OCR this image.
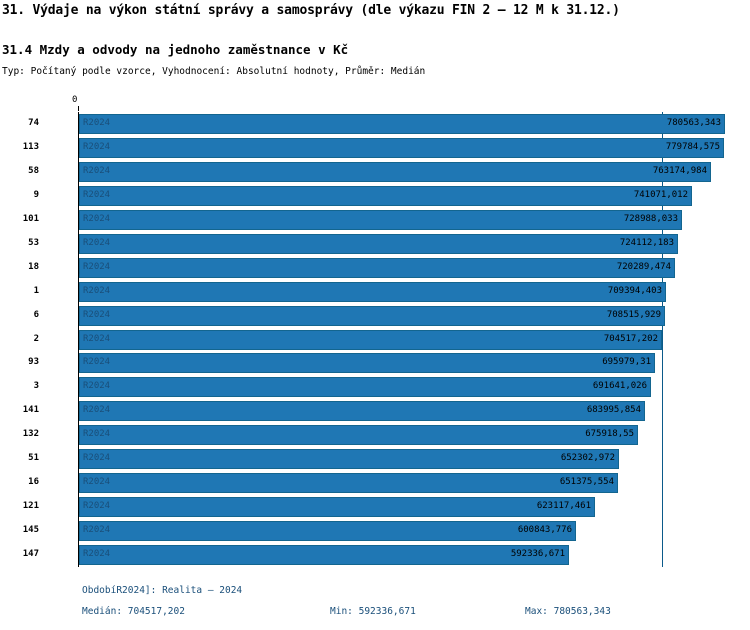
31. Výdaje na výkon státní správy a samosprávy (dle výkazu FIN 2 – 12 M k 31.12.)
31.4 Mzdy a odvody na jednoho zaměstnance v Kč
Typ: Počítaný podle vzorce, Vyhodnocení: Absolutní hodnoty, Průměr: Medián
0
74	R2024	780563,343
113	R2024	779784,575
58	R2024	763174,984
9	R2024	741071,012
101	R2024	728988,033
53	R2024	724112,183
18	R2024	720289,474
1	R2024	709394,403
6	R2024	708515,929
2	R2024	704517,202
93	R2024	695979,31
3	R2024	691641,026
141	R2024	683995,854
132	R2024	675918,55
51	R2024	652302,972
16	R2024	651375,554
121	R2024	623117,461
145	R2024	600843,776
147	R2024	592336,671
ObdobíR2024]: Realita – 2024
Medián: 704517,202	Min: 592336,671	Max: 780563,343
